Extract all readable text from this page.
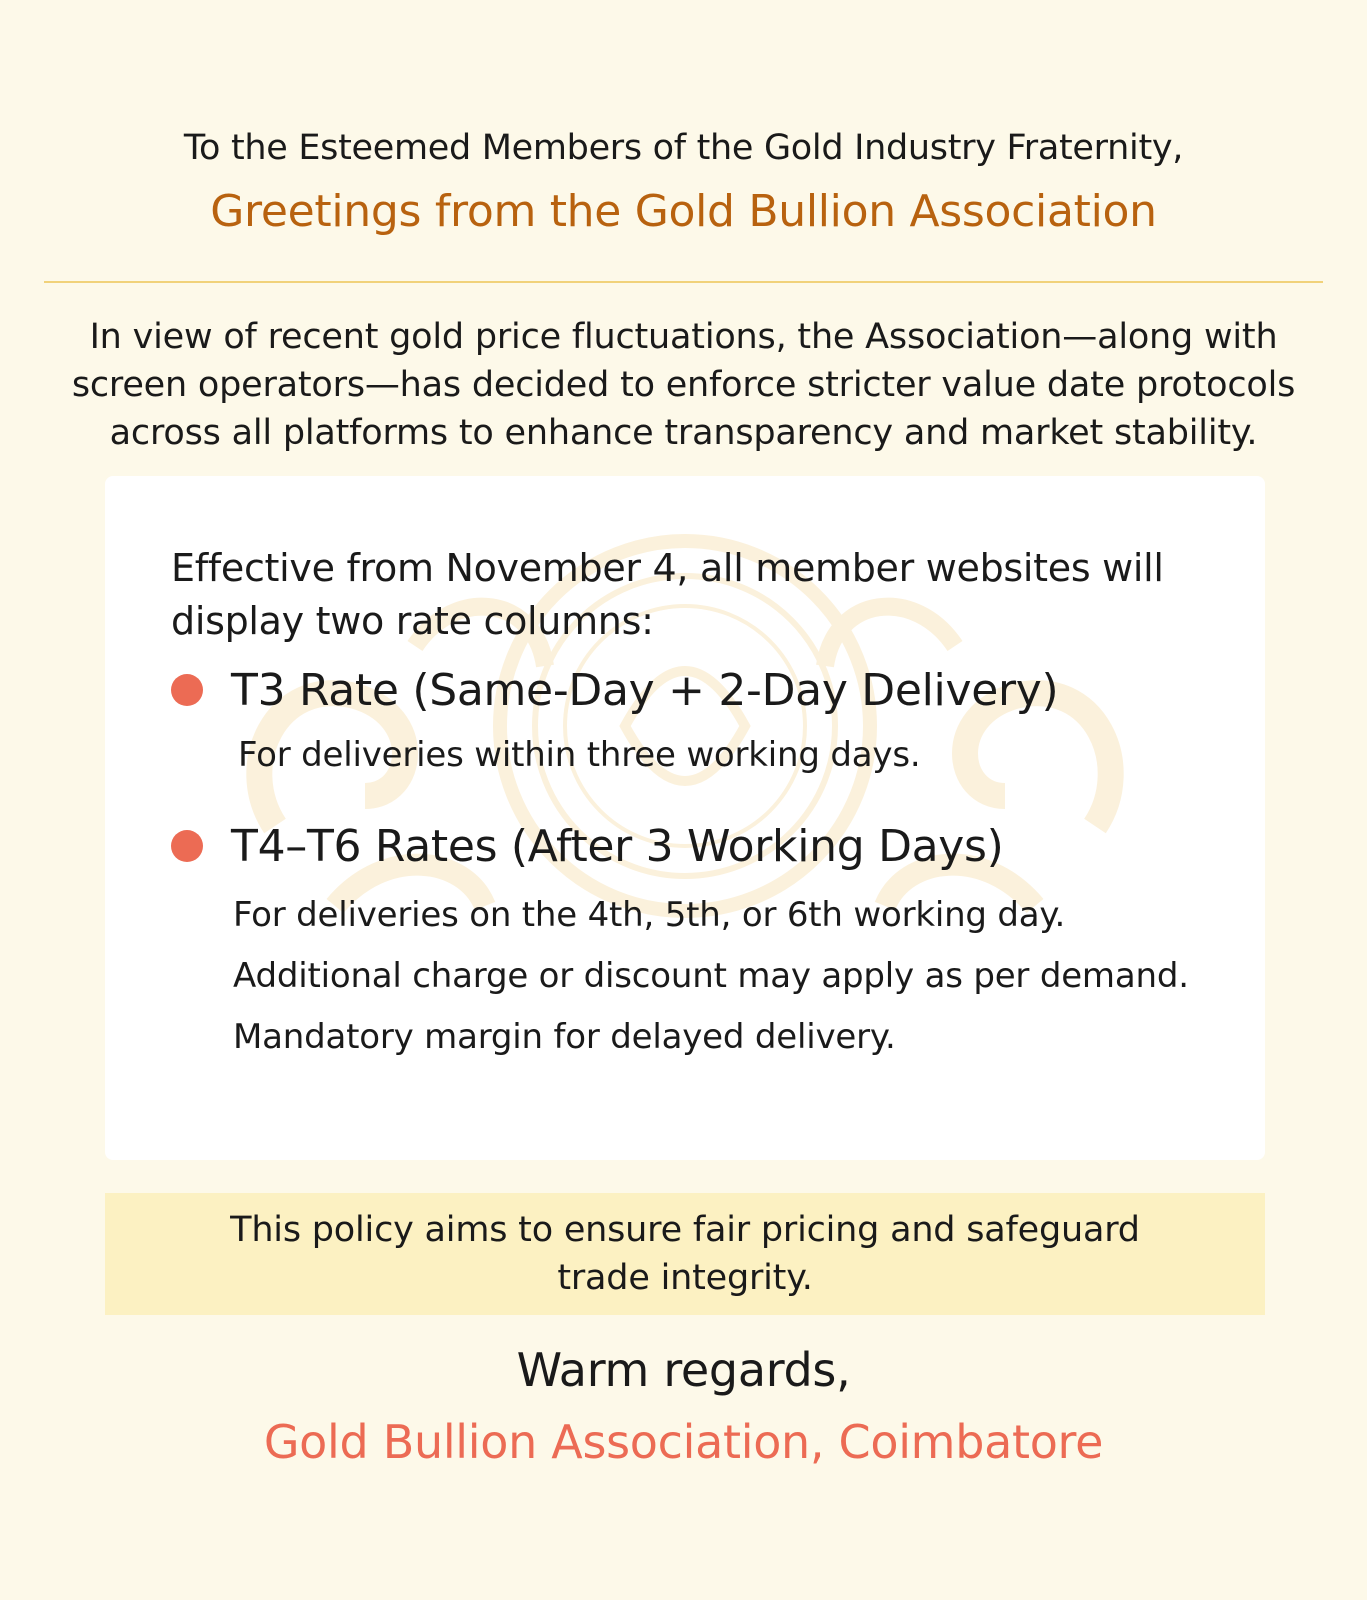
To the Esteemed Members of the Gold Industry Fraternity,
Greetings from the Gold Bullion Association
In view of recent gold price fluctuations, the Association—along with screen operators—has decided to enforce stricter value date protocols across all platforms to enhance transparency and market stability.
Effective from November 4, all member websites will display two rate columns:
T3 Rate (Same-Day + 2-Day Delivery)
For deliveries within three working days.
T4–T6 Rates (After 3 Working Days)
For deliveries on the 4th, 5th, or 6th working day.
Additional charge or discount may apply as per demand.
Mandatory margin for delayed delivery.
This policy aims to ensure fair pricing and safeguard trade integrity.
Warm regards,
Gold Bullion Association, Coimbatore
